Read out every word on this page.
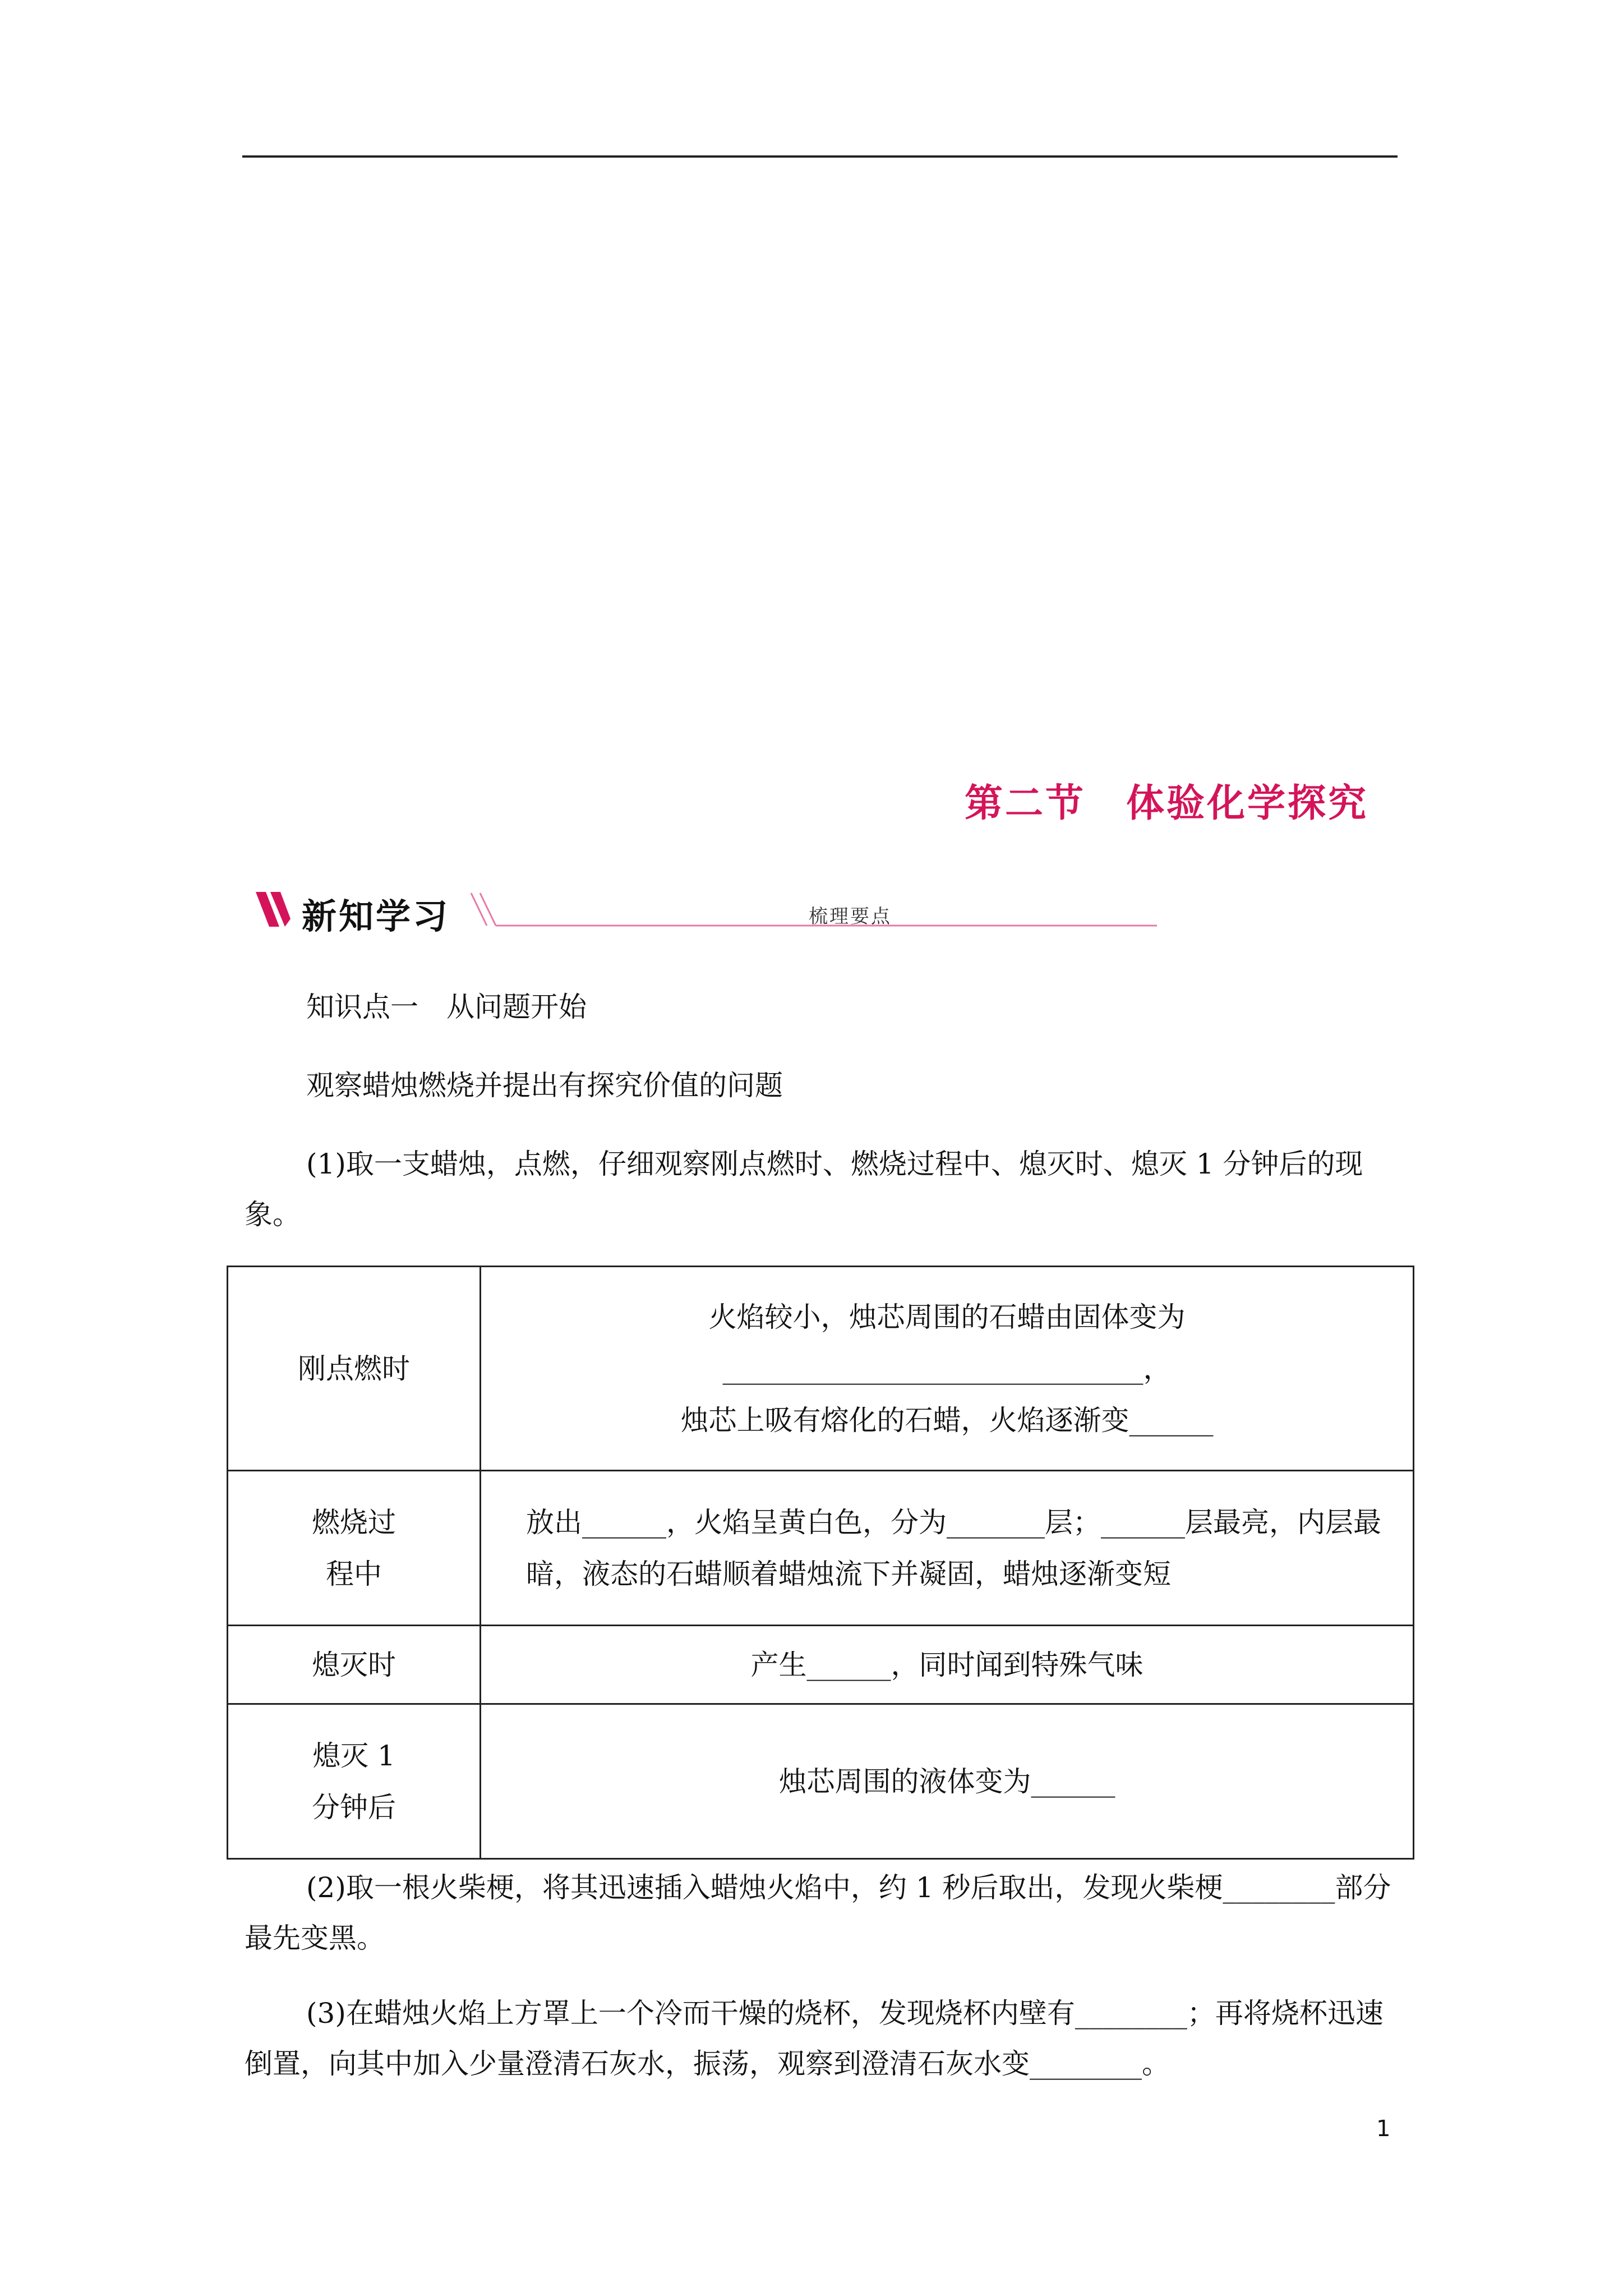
第二节　体验化学探究
新知学习	梳理要点
知识点一　从问题开始
观察蜡烛燃烧并提出有探究价值的问题
(1)取一支蜡烛，点燃，仔细观察刚点燃时、燃烧过程中、熄灭时、熄灭 1 分钟后的现象。
刚点燃时	火焰较小，烛芯周围的石蜡由固体变为
______________________________，
烛芯上吸有熔化的石蜡，火焰逐渐变______

燃烧过
程中	放出______，火焰呈黄白色，分为_______层；______层最亮，内层最暗，液态的石蜡顺着蜡烛流下并凝固，蜡烛逐渐变短
熄灭时	产生______，同时闻到特殊气味

熄灭 1
分钟后	烛芯周围的液体变为______
(2)取一根火柴梗，将其迅速插入蜡烛火焰中，约 1 秒后取出，发现火柴梗________部分最先变黑。
(3)在蜡烛火焰上方罩上一个冷而干燥的烧杯，发现烧杯内壁有________；再将烧杯迅速倒置，向其中加入少量澄清石灰水，振荡，观察到澄清石灰水变________。
1
